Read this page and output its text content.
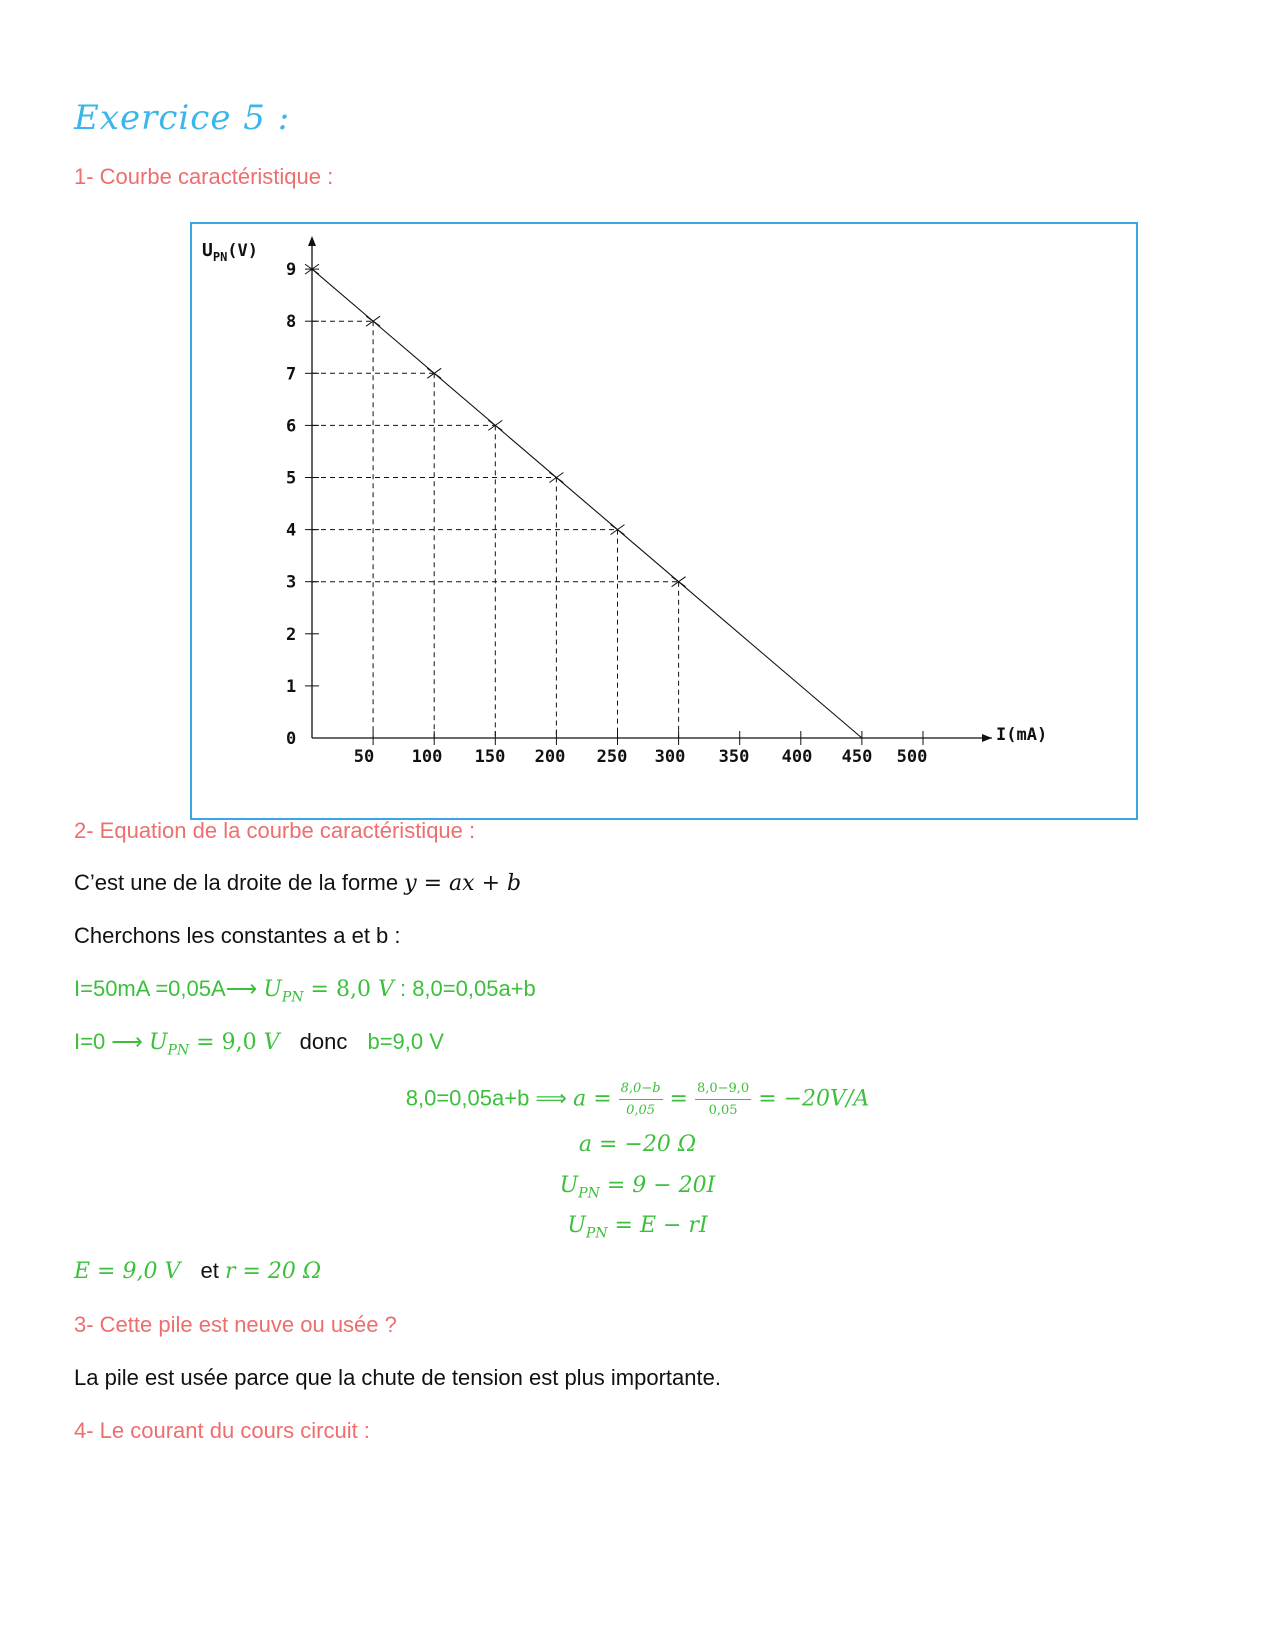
Exercice 5 :
1- Courbe caractéristique :
$U_{PN}(V)$
I(mA)
0
1
2
3
4
5
6
7
8
9
50 100 150 200 250 300 350 400 450 500
2- Equation de la courbe caractéristique :

C’est une de la droite de la forme y = ax + b

Cherchons les constantes a et b :

I=50mA =0,05A⟶ $U_{PN} = 8,0$ V : 8,0=0,05a+b

I=0 ⟶ $U_{PN} = 9,0$ V donc b=9,0 V

8,0=0,05a+b ⟹ $a = \frac{8,0-b}{0,05} = \frac{8,0-9,0}{0,05} = -20V/A$

a = −20 Ω

$U_{PN} = 9 - 20I$

$U_{PN} = E$ − rI

E = 9,0 V et r = 20 Ω

3- Cette pile est neuve ou usée ?

La pile est usée parce que la chute de tension est plus importante.

4- Le courant du cours circuit :
